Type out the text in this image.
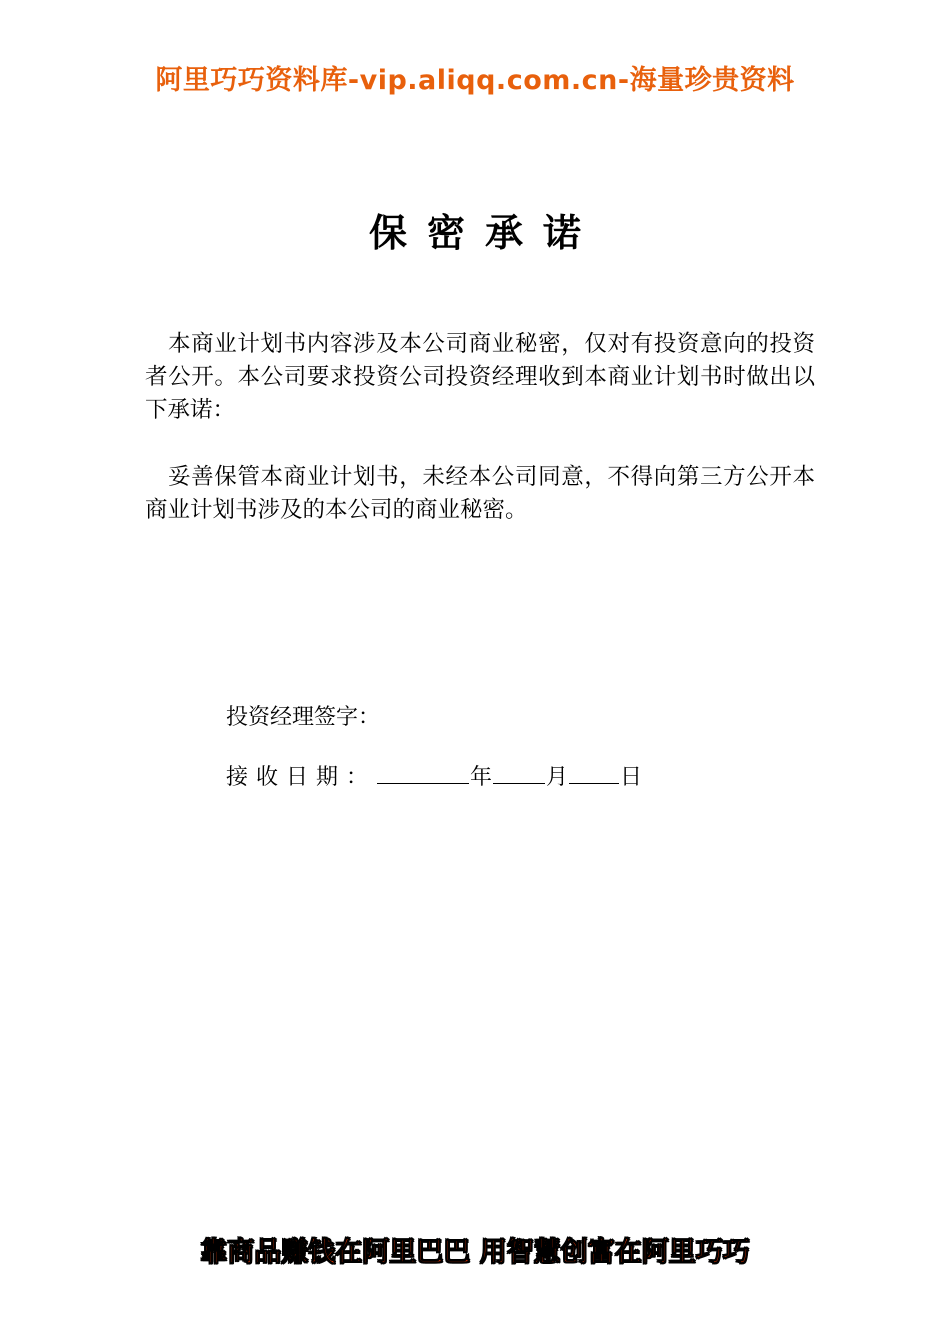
阿里巧巧资料库-vip.aliqq.com.cn-海量珍贵资料
保密承诺

本商业计划书内容涉及本公司商业秘密，仅对有投资意向的投资者公开。本公司要求投资公司投资经理收到本商业计划书时做出以下承诺：

妥善保管本商业计划书，未经本公司同意，不得向第三方公开本商业计划书涉及的本公司的商业秘密。

投资经理签字：
接收日期：	年 月 日
靠商品赚钱在阿里巴巴 用智慧创富在阿里巧巧
